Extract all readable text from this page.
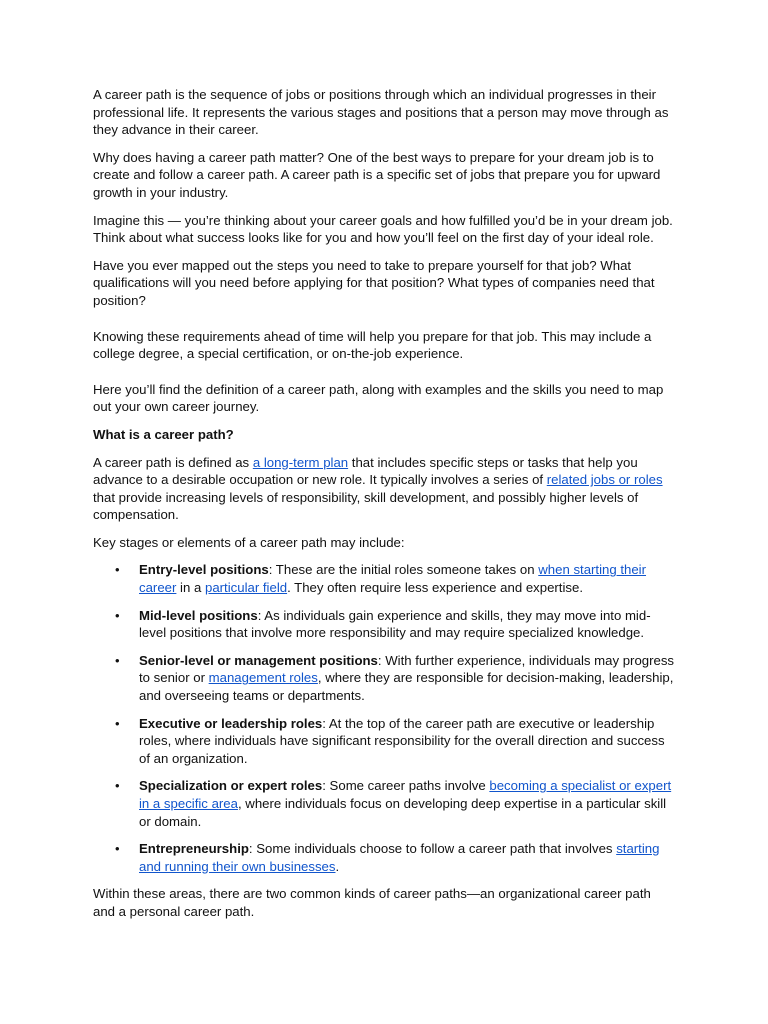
A career path is the sequence of jobs or positions through which an individual progresses in their professional life. It represents the various stages and positions that a person may move through as they advance in their career.

Why does having a career path matter? One of the best ways to prepare for your dream job is to create and follow a career path. A career path is a specific set of jobs that prepare you for upward growth in your industry.

Imagine this — you’re thinking about your career goals and how fulfilled you’d be in your dream job. Think about what success looks like for you and how you’ll feel on the first day of your ideal role.

Have you ever mapped out the steps you need to take to prepare yourself for that job? What qualifications will you need before applying for that position? What types of companies need that position?

Knowing these requirements ahead of time will help you prepare for that job. This may include a college degree, a special certification, or on-the-job experience.

Here you’ll find the definition of a career path, along with examples and the skills you need to map out your own career journey.

What is a career path?

A career path is defined as a long-term plan that includes specific steps or tasks that help you advance to a desirable occupation or new role. It typically involves a series of related jobs or roles that provide increasing levels of responsibility, skill development, and possibly higher levels of compensation.

Key stages or elements of a career path may include:

• Entry-level positions: These are the initial roles someone takes on when starting their career in a particular field. They often require less experience and expertise.
• Mid-level positions: As individuals gain experience and skills, they may move into mid-level positions that involve more responsibility and may require specialized knowledge.
• Senior-level or management positions: With further experience, individuals may progress to senior or management roles, where they are responsible for decision-making, leadership, and overseeing teams or departments.
• Executive or leadership roles: At the top of the career path are executive or leadership roles, where individuals have significant responsibility for the overall direction and success of an organization.
• Specialization or expert roles: Some career paths involve becoming a specialist or expert in a specific area, where individuals focus on developing deep expertise in a particular skill or domain.
• Entrepreneurship: Some individuals choose to follow a career path that involves starting and running their own businesses.

Within these areas, there are two common kinds of career paths—an organizational career path and a personal career path.
